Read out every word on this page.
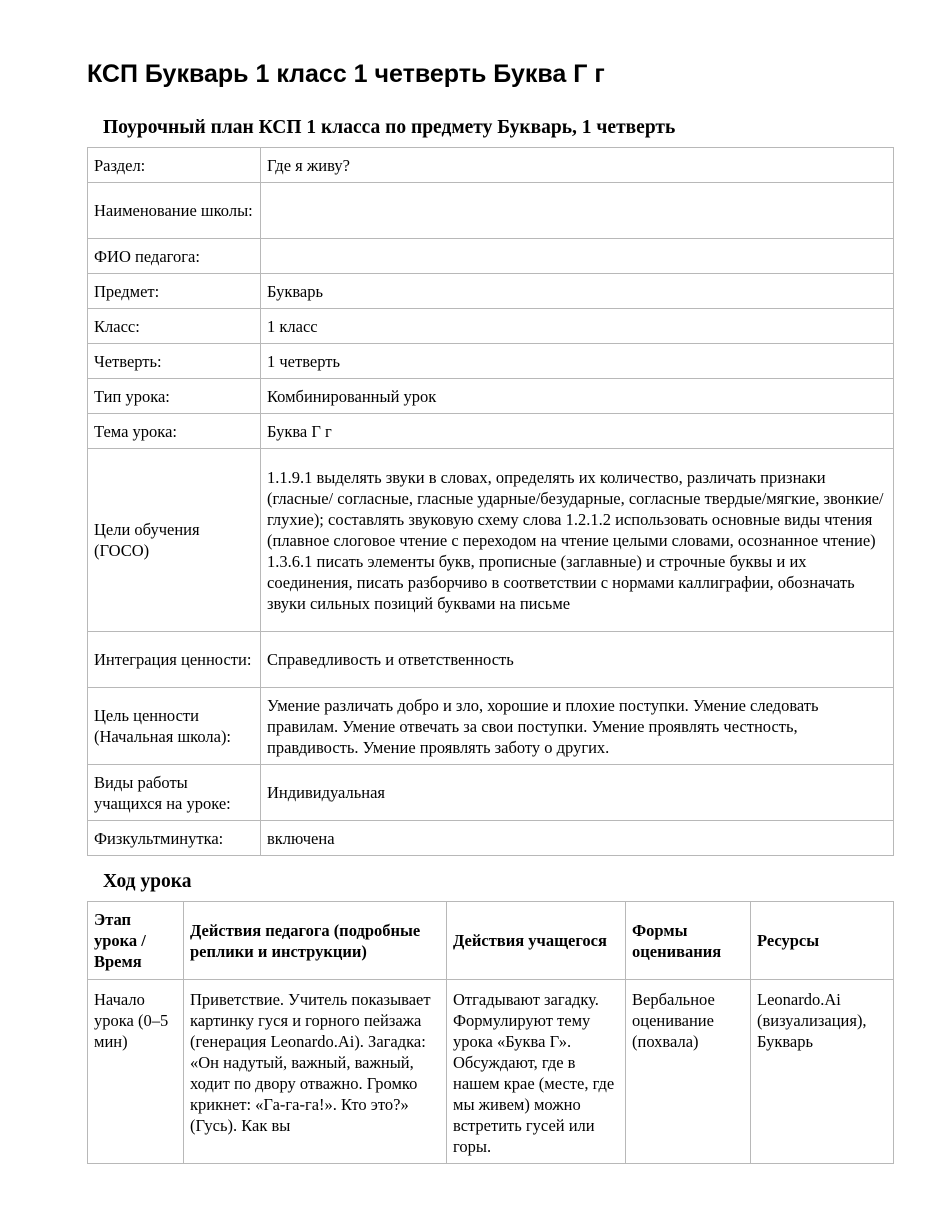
КСП Букварь 1 класс 1 четверть Буква Г г
Поурочный план КСП 1 класса по предмету Букварь, 1 четверть
Раздел:	Где я живу?
Наименование школы:	
ФИО педагога:	
Предмет:	Букварь
Класс:	1 класс
Четверть:	1 четверть
Тип урока:	Комбинированный урок
Тема урока:	Буква Г г
Цели обучения (ГОСО)	1.1.9.1 выделять звуки в словах, определять их количество, различать признаки (гласные/ согласные, гласные ударные/безударные, согласные твердые/мягкие, звонкие/глухие); составлять звуковую схему слова 1.2.1.2 использовать основные виды чтения (плавное слоговое чтение с переходом на чтение целыми словами, осознанное чтение) 1.3.6.1 писать элементы букв, прописные (заглавные) и строчные буквы и их соединения, писать разборчиво в соответствии с нормами каллиграфии, обозначать звуки сильных позиций буквами на письме
Интеграция ценности:	Справедливость и ответственность
Цель ценности (Начальная школа):	Умение различать добро и зло, хорошие и плохие поступки. Умение следовать правилам. Умение отвечать за свои поступки. Умение проявлять честность, правдивость. Умение проявлять заботу о других.
Виды работы учащихся на уроке:	Индивидуальная
Физкультминутка:	включена
Ход урока
Этап урока / Время	Действия педагога (подробные реплики и инструкции)	Действия учащегося	Формы оценивания	Ресурсы
Начало урока (0–5 мин)	Приветствие. Учитель показывает картинку гуся и горного пейзажа (генерация Leonardo.Ai). Загадка: «Он надутый, важный, важный, ходит по двору отважно. Громко крикнет: «Га-га-га!». Кто это?» (Гусь). Как вы	Отгадывают загадку. Формулируют тему урока «Буква Г». Обсуждают, где в нашем крае (месте, где мы живем) можно встретить гусей или горы.	Вербальное оценивание (похвала)	Leonardo.Ai (визуализация), Букварь
